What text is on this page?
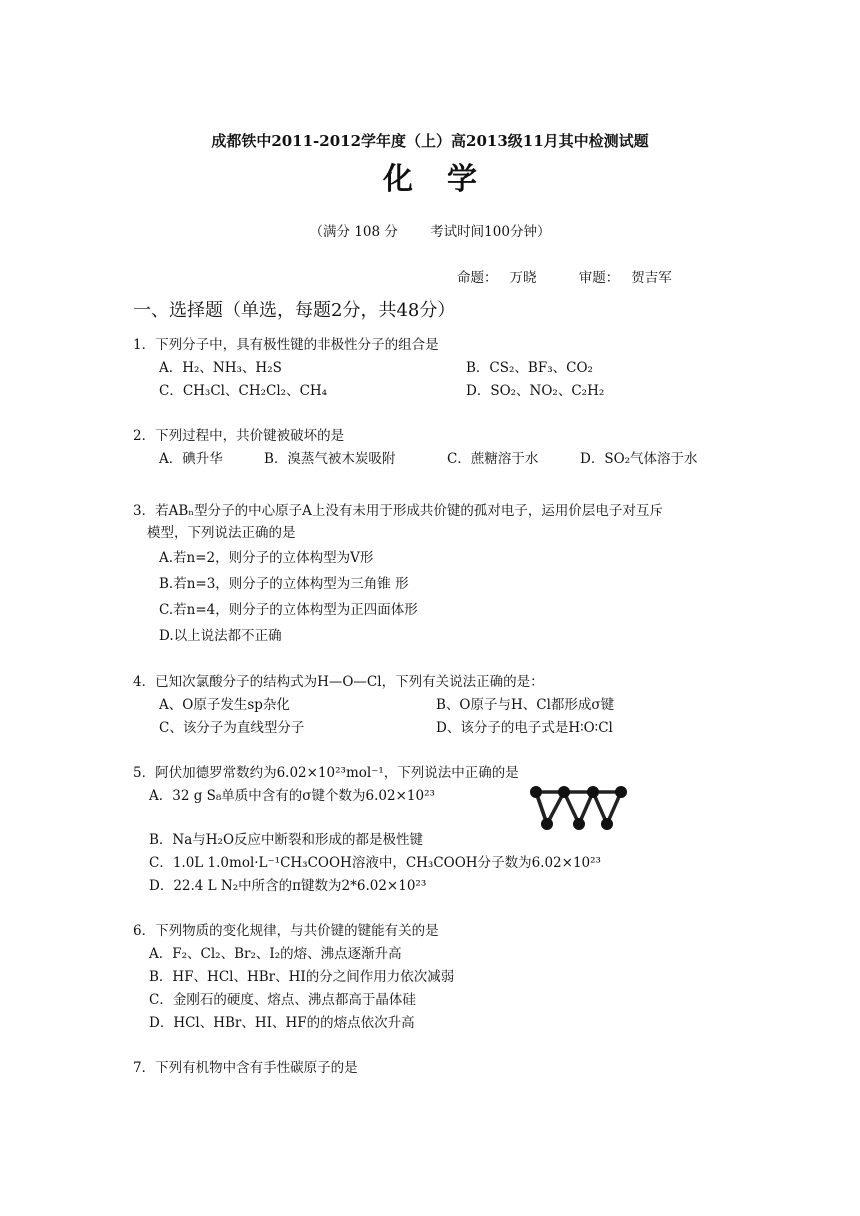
成都铁中2011-2012学年度（上）高2013级11月其中检测试题
化学
（满分 108 分 考试时间100分钟）
命题： 万晓	审题： 贺吉军
一、选择题（单选，每题2分，共48分）
1．下列分子中，具有极性键的非极性分子的组合是
A．H₂、NH₃、H₂S	B．CS₂、BF₃、CO₂
C．CH₃Cl、CH₂Cl₂、CH₄	D．SO₂、NO₂、C₂H₂
2．下列过程中，共价键被破坏的是
A．碘升华	B．溴蒸气被木炭吸附	C．蔗糖溶于水	D．SO₂气体溶于水
3．若ABₙ型分子的中心原子A上没有未用于形成共价键的孤对电子，运用价层电子对互斥
模型，下列说法正确的是
A.若n=2，则分子的立体构型为V形
B.若n=3，则分子的立体构型为三角锥 形
C.若n=4，则分子的立体构型为正四面体形
D.以上说法都不正确
4．已知次氯酸分子的结构式为H—O—Cl，下列有关说法正确的是：
A、O原子发生sp杂化	B、O原子与H、Cl都形成σ键
C、该分子为直线型分子	D、该分子的电子式是H∶O∶Cl
5．阿伏加德罗常数约为6.02×10²³mol⁻¹，下列说法中正确的是
A．32 g S₈单质中含有的σ键个数为6.02×10²³
B．Na与H₂O反应中断裂和形成的都是极性键
C．1.0L 1.0mol·L⁻¹CH₃COOH溶液中，CH₃COOH分子数为6.02×10²³
D．22.4 L N₂中所含的π键数为2*6.02×10²³
6．下列物质的变化规律，与共价键的键能有关的是
A．F₂、Cl₂、Br₂、I₂的熔、沸点逐渐升高
B．HF、HCl、HBr、HI的分之间作用力依次减弱
C．金刚石的硬度、熔点、沸点都高于晶体硅
D．HCl、HBr、HI、HF的的熔点依次升高
7．下列有机物中含有手性碳原子的是
